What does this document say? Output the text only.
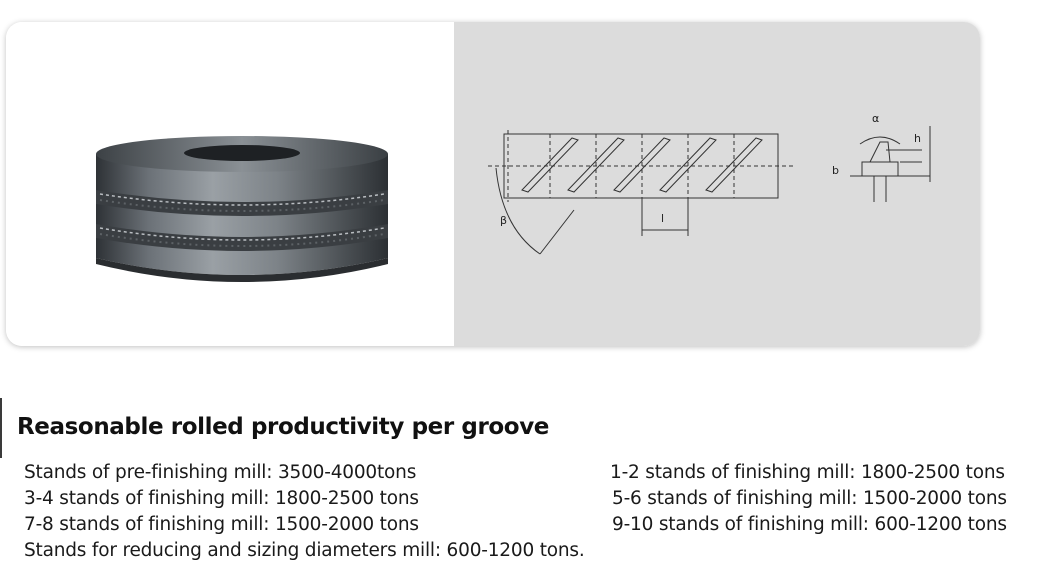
l
β
α
h
b
Reasonable rolled productivity per groove
Stands of pre-finishing mill: 3500-4000tons	1-2 stands of finishing mill: 1800-2500 tons
3-4 stands of finishing mill: 1800-2500 tons	5-6 stands of finishing mill: 1500-2000 tons
7-8 stands of finishing mill: 1500-2000 tons	9-10 stands of finishing mill: 600-1200 tons
Stands for reducing and sizing diameters mill: 600-1200 tons.
